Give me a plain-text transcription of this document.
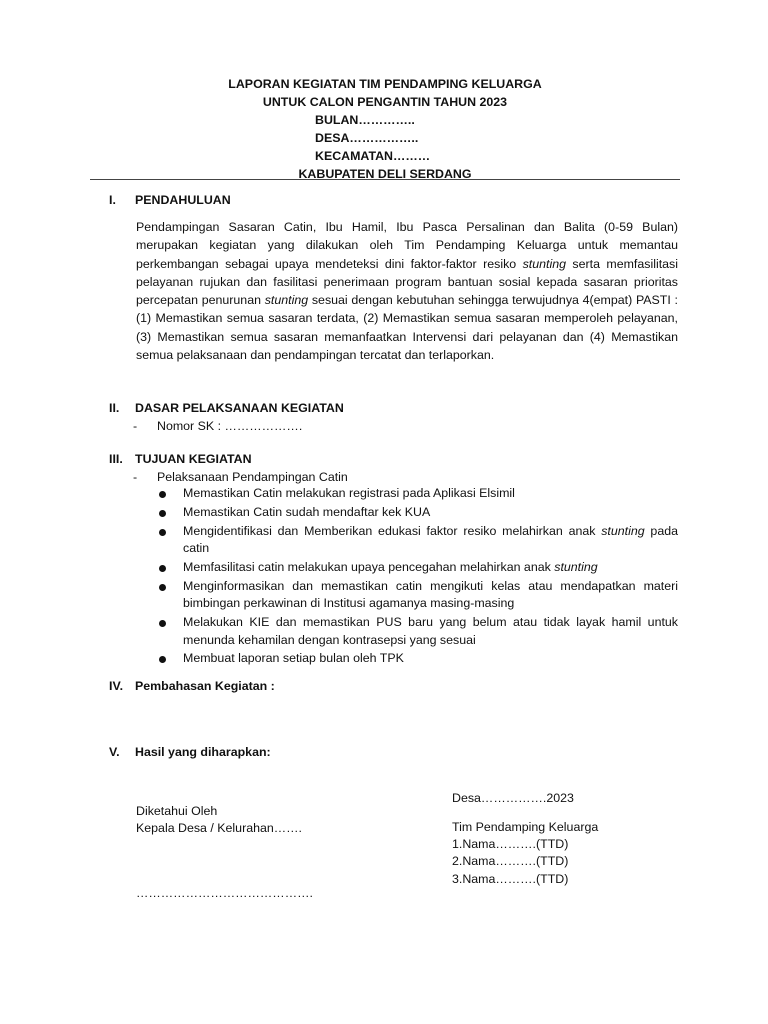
LAPORAN KEGIATAN TIM PENDAMPING KELUARGA
UNTUK CALON PENGANTIN TAHUN 2023
BULAN…………..
DESA……………..
KECAMATAN………
KABUPATEN DELI SERDANG
I. PENDAHULUAN
Pendampingan Sasaran Catin, Ibu Hamil, Ibu Pasca Persalinan dan Balita (0-59 Bulan) merupakan kegiatan yang dilakukan oleh Tim Pendamping Keluarga untuk memantau perkembangan sebagai upaya mendeteksi dini faktor-faktor resiko stunting serta memfasilitasi pelayanan rujukan dan fasilitasi penerimaan program bantuan sosial kepada sasaran prioritas percepatan penurunan stunting sesuai dengan kebutuhan sehingga terwujudnya 4(empat) PASTI : (1) Memastikan semua sasaran terdata, (2) Memastikan semua sasaran memperoleh pelayanan, (3) Memastikan semua sasaran memanfaatkan Intervensi dari pelayanan dan (4) Memastikan semua pelaksanaan dan pendampingan tercatat dan terlaporkan.
II. DASAR PELAKSANAAN KEGIATAN
- Nomor SK : ……………….
III. TUJUAN KEGIATAN
- Pelaksanaan Pendampingan Catin
Memastikan Catin melakukan registrasi pada Aplikasi Elsimil
Memastikan Catin sudah mendaftar kek KUA
Mengidentifikasi dan Memberikan edukasi faktor resiko melahirkan anak stunting pada catin
Memfasilitasi catin melakukan upaya pencegahan melahirkan anak stunting
Menginformasikan dan memastikan catin mengikuti kelas atau mendapatkan materi bimbingan perkawinan di Institusi agamanya masing-masing
Melakukan KIE dan memastikan PUS baru yang belum atau tidak layak hamil untuk menunda kehamilan dengan kontrasepsi yang sesuai
Membuat laporan setiap bulan oleh TPK
IV. Pembahasan Kegiatan :
V. Hasil yang diharapkan:
Diketahui Oleh
Kepala Desa / Kelurahan…….
…………………………………….
Desa…………….2023
Tim Pendamping Keluarga
1.Nama……….(TTD)
2.Nama……….(TTD)
3.Nama……….(TTD)
